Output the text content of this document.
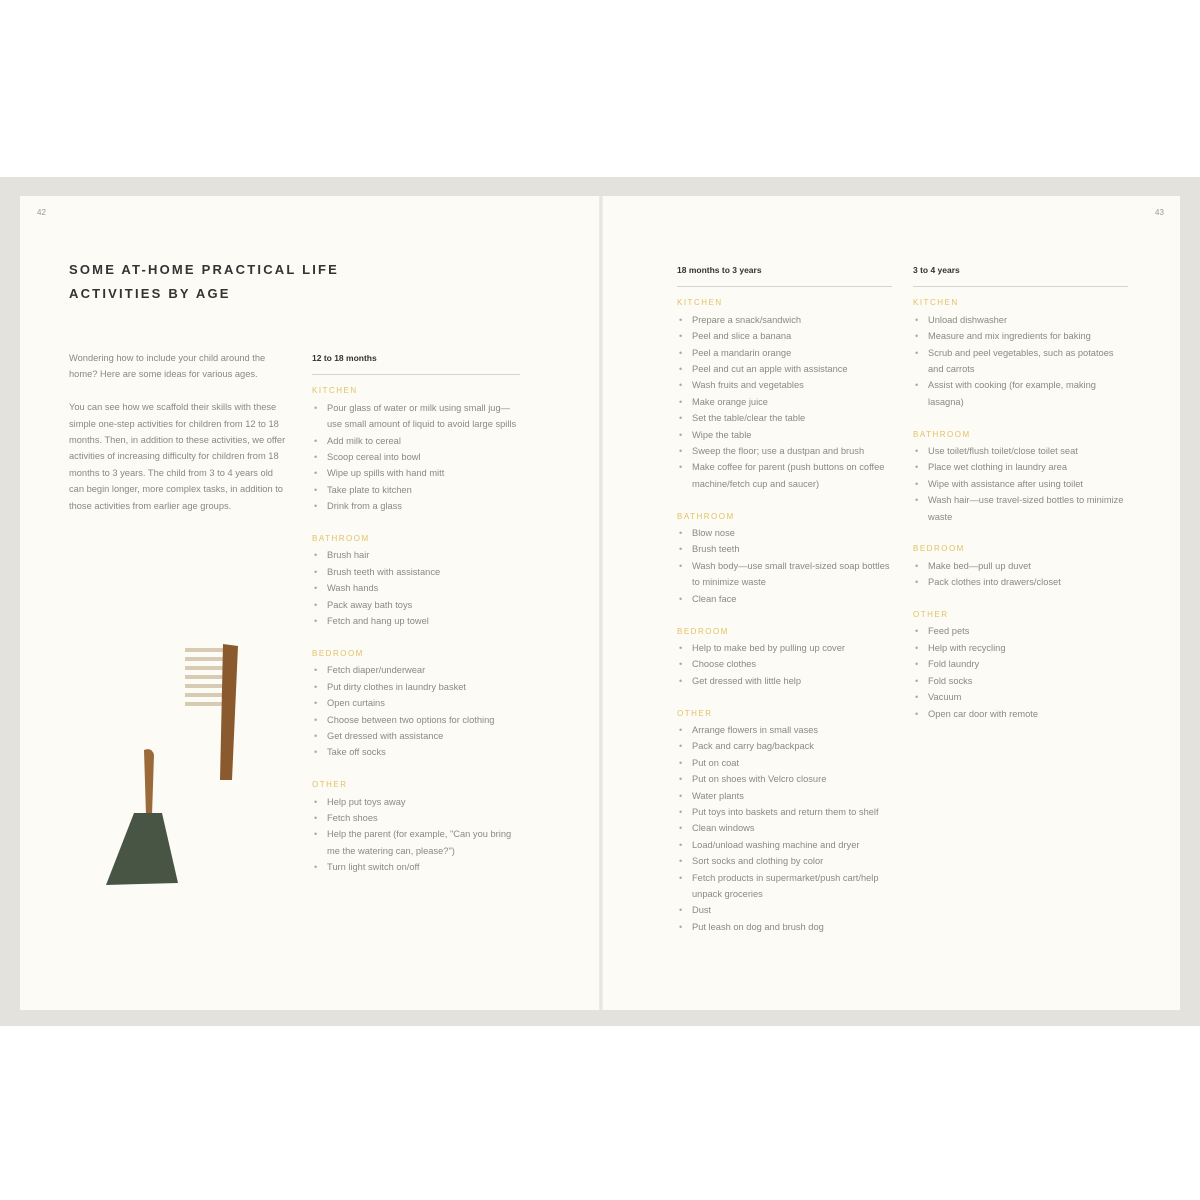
42	43
SOME AT-HOME PRACTICAL LIFE
ACTIVITIES BY AGE

Wondering how to include your child around the home? Here are some ideas for various ages.

You can see how we scaffold their skills with these simple one-step activities for children from 12 to 18 months. Then, in addition to these activities, we offer activities of increasing difficulty for children from 18 months to 3 years. The child from 3 to 4 years old can begin longer, more complex tasks, in addition to those activities from earlier age groups.

12 to 18 months
KITCHEN
• Pour glass of water or milk using small jug—use small amount of liquid to avoid large spills
• Add milk to cereal
• Scoop cereal into bowl
• Wipe up spills with hand mitt
• Take plate to kitchen
• Drink from a glass
BATHROOM
• Brush hair
• Brush teeth with assistance
• Wash hands
• Pack away bath toys
• Fetch and hang up towel
BEDROOM
• Fetch diaper/underwear
• Put dirty clothes in laundry basket
• Open curtains
• Choose between two options for clothing
• Get dressed with assistance
• Take off socks
OTHER
• Help put toys away
• Fetch shoes
• Help the parent (for example, "Can you bring me the watering can, please?")
• Turn light switch on/off
18 months to 3 years
KITCHEN
• Prepare a snack/sandwich
• Peel and slice a banana
• Peel a mandarin orange
• Peel and cut an apple with assistance
• Wash fruits and vegetables
• Make orange juice
• Set the table/clear the table
• Wipe the table
• Sweep the floor; use a dustpan and brush
• Make coffee for parent (push buttons on coffee machine/fetch cup and saucer)
BATHROOM
• Blow nose
• Brush teeth
• Wash body—use small travel-sized soap bottles to minimize waste
• Clean face
BEDROOM
• Help to make bed by pulling up cover
• Choose clothes
• Get dressed with little help
OTHER
• Arrange flowers in small vases
• Pack and carry bag/backpack
• Put on coat
• Put on shoes with Velcro closure
• Water plants
• Put toys into baskets and return them to shelf
• Clean windows
• Load/unload washing machine and dryer
• Sort socks and clothing by color
• Fetch products in supermarket/push cart/help unpack groceries
• Dust
• Put leash on dog and brush dog
3 to 4 years
KITCHEN
• Unload dishwasher
• Measure and mix ingredients for baking
• Scrub and peel vegetables, such as potatoes and carrots
• Assist with cooking (for example, making lasagna)
BATHROOM
• Use toilet/flush toilet/close toilet seat
• Place wet clothing in laundry area
• Wipe with assistance after using toilet
• Wash hair—use travel-sized bottles to minimize waste
BEDROOM
• Make bed—pull up duvet
• Pack clothes into drawers/closet
OTHER
• Feed pets
• Help with recycling
• Fold laundry
• Fold socks
• Vacuum
• Open car door with remote
